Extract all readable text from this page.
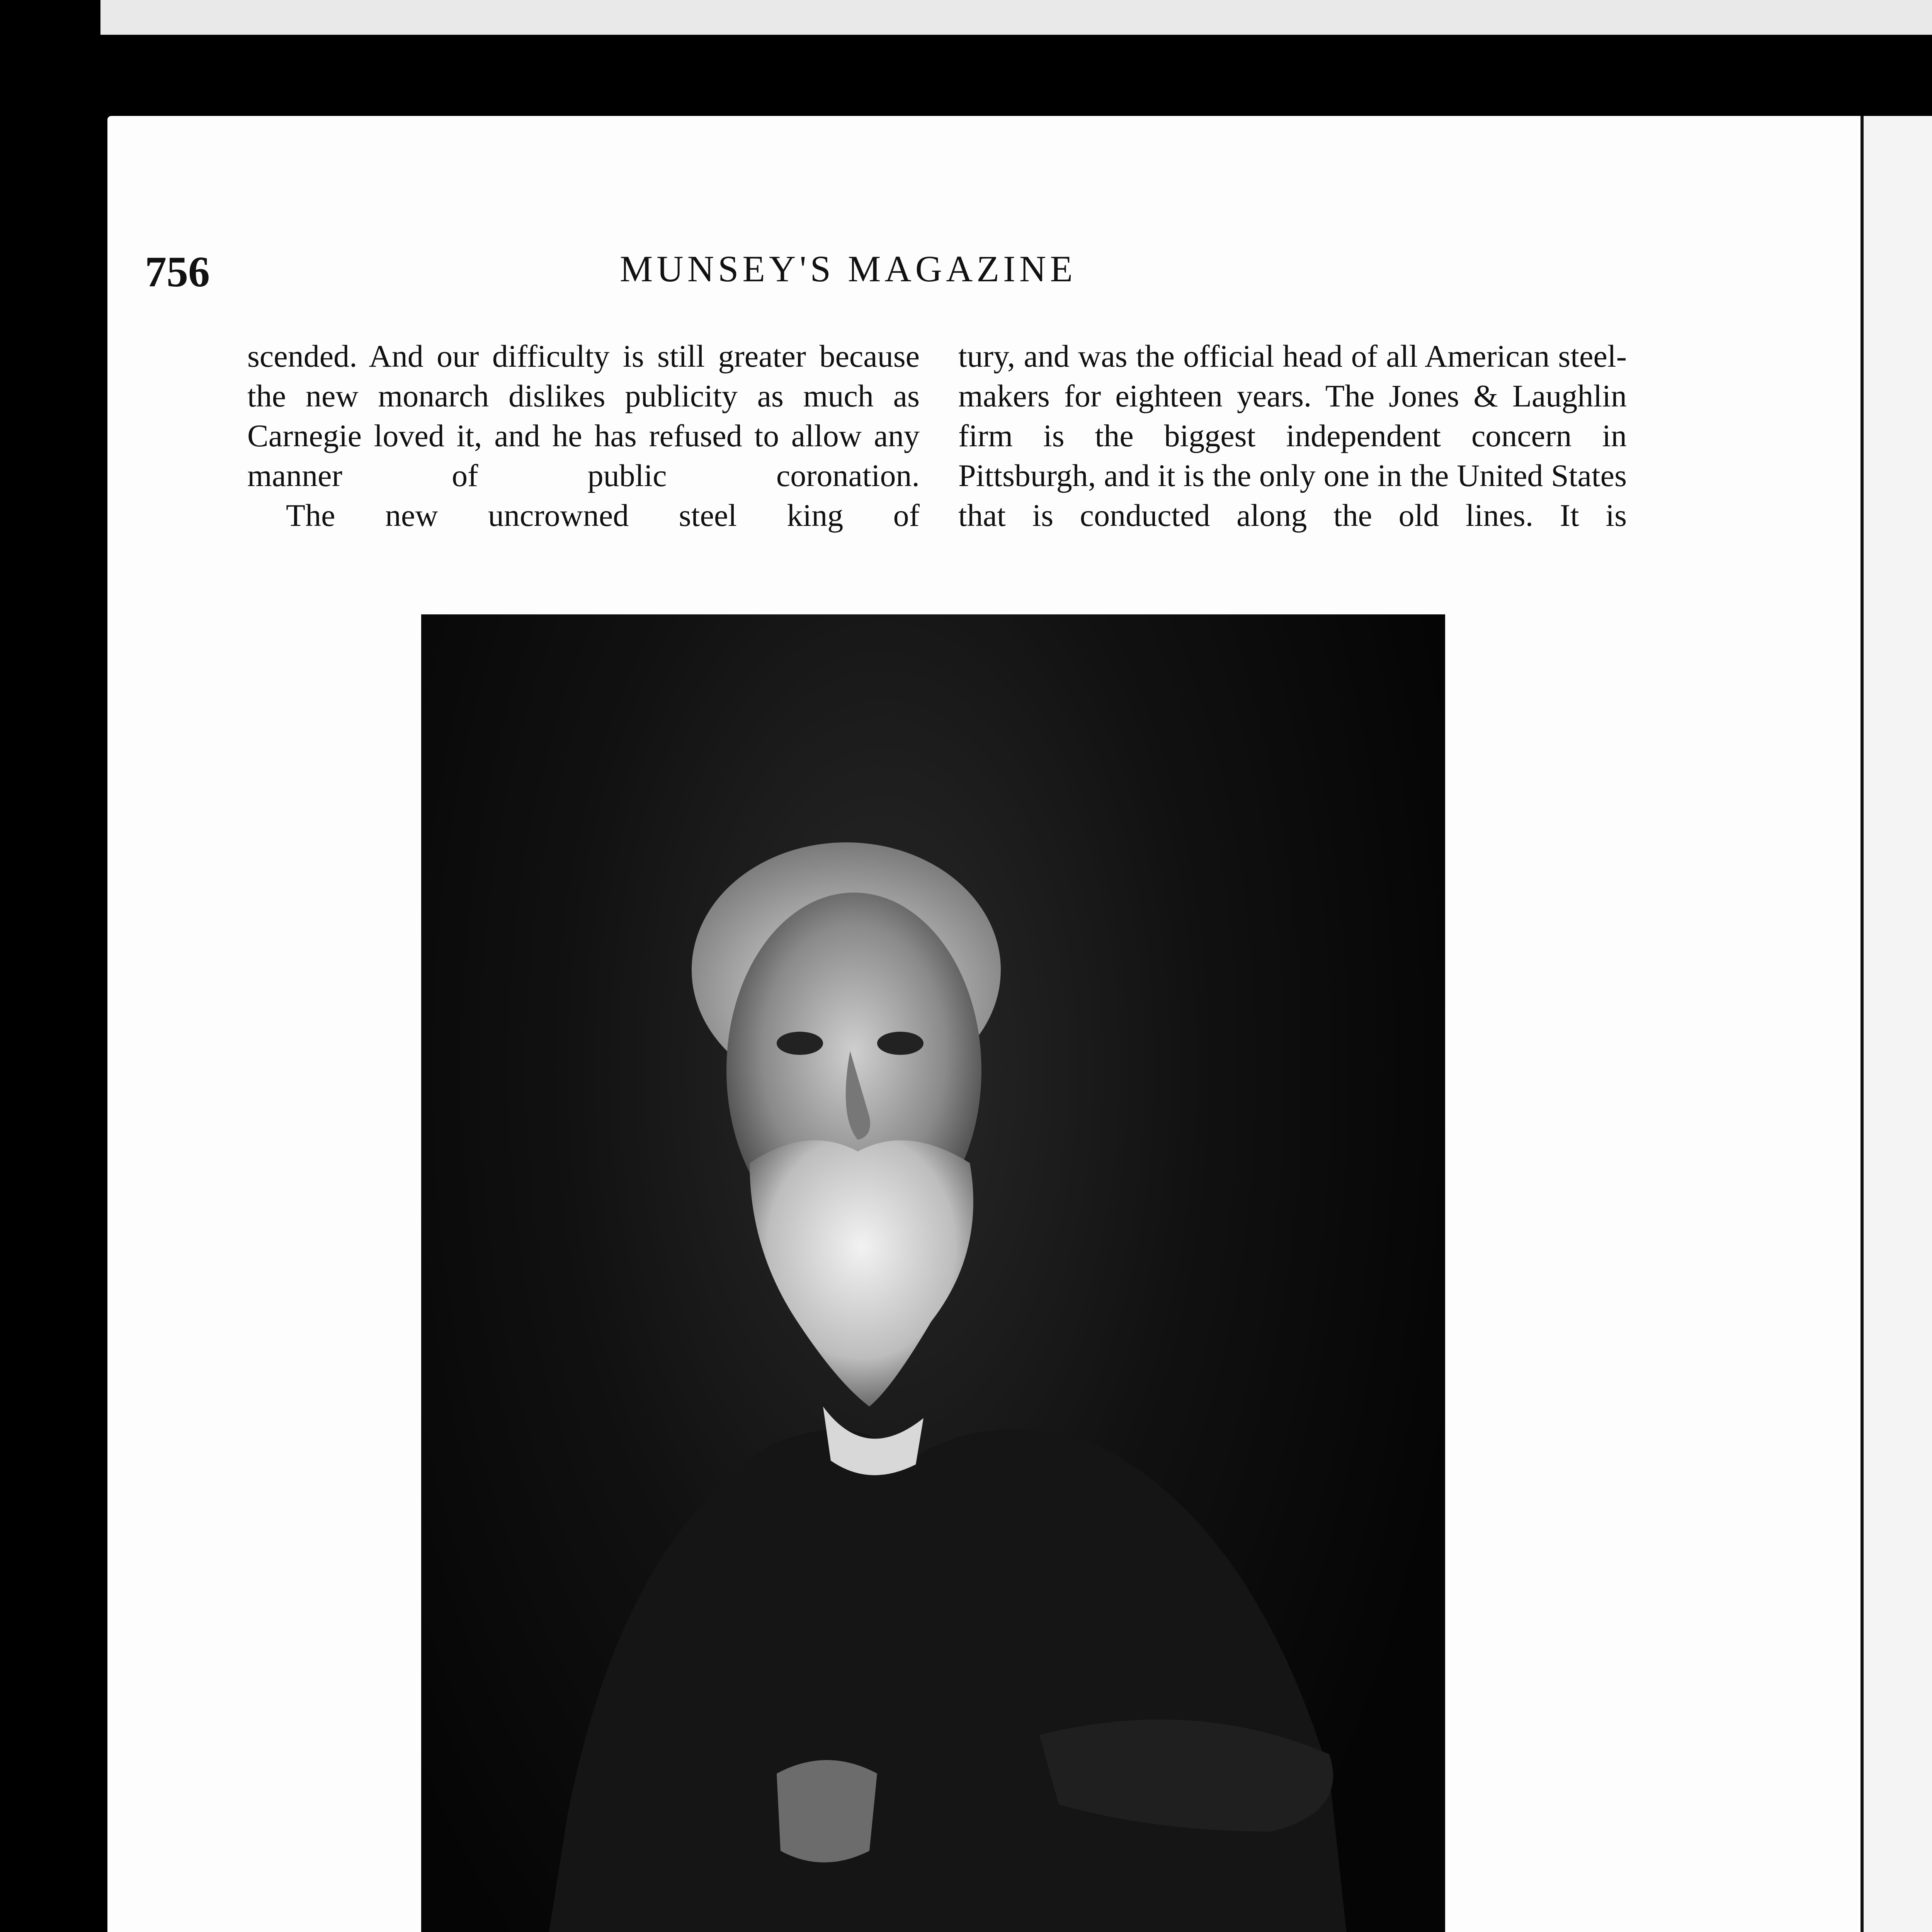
756	MUNSEY'S MAGAZINE

scended. And our difficulty is still greater because the new monarch dislikes publicity as much as Carnegie loved it, and he has refused to allow any manner of public coronation.

The new uncrowned steel king of

tury, and was the official head of all American steel-makers for eighteen years. The Jones & Laughlin firm is the biggest independent concern in Pittsburgh, and it is the only one in the United States that is conducted along the old lines. It is
